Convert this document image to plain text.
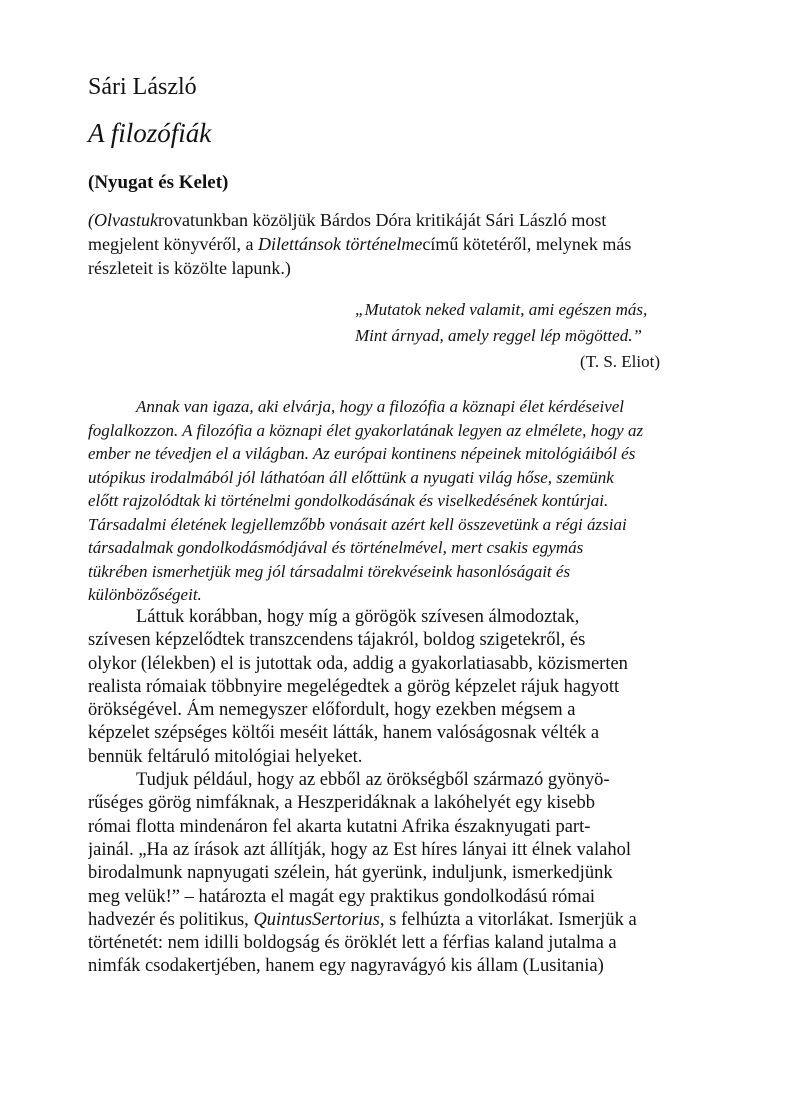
Sári László
A filozófiák
(Nyugat és Kelet)
(Olvastukrovatunkban közöljük Bárdos Dóra kritikáját Sári László most
megjelent könyvéről, a Dilettánsok történelmecímű kötetéről, melynek más
részleteit is közölte lapunk.)
„Mutatok neked valamit, ami egészen más,
Mint árnyad, amely reggel lép mögötted.”
(T. S. Eliot)
Annak van igaza, aki elvárja, hogy a filozófia a köznapi élet kérdéseivel
foglalkozzon. A filozófia a köznapi élet gyakorlatának legyen az elmélete, hogy az
ember ne tévedjen el a világban. Az európai kontinens népeinek mitológiáiból és
utópikus irodalmából jól láthatóan áll előttünk a nyugati világ hőse, szemünk
előtt rajzolódtak ki történelmi gondolkodásának és viselkedésének kontúrjai.
Társadalmi életének legjellemzőbb vonásait azért kell összevetünk a régi ázsiai
társadalmak gondolkodásmódjával és történelmével, mert csakis egymás
tükrében ismerhetjük meg jól társadalmi törekvéseink hasonlóságait és
különbözőségeit.
Láttuk korábban, hogy míg a görögök szívesen álmodoztak,
szívesen képzelődtek transzcendens tájakról, boldog szigetekről, és
olykor (lélekben) el is jutottak oda, addig a gyakorlatiasabb, közismerten
realista rómaiak többnyire megelégedtek a görög képzelet rájuk hagyott
örökségével. Ám nemegyszer előfordult, hogy ezekben mégsem a
képzelet szépséges költői meséit látták, hanem valóságosnak vélték a
bennük feltáruló mitológiai helyeket.
Tudjuk például, hogy az ebből az örökségből származó gyönyö-
rűséges görög nimfáknak, a Heszperidáknak a lakóhelyét egy kisebb
római flotta mindenáron fel akarta kutatni Afrika északnyugati part-
jainál. „Ha az írások azt állítják, hogy az Est híres lányai itt élnek valahol
birodalmunk napnyugati szélein, hát gyerünk, induljunk, ismerkedjünk
meg velük!” – határozta el magát egy praktikus gondolkodású római
hadvezér és politikus, QuintusSertorius, s felhúzta a vitorlákat. Ismerjük a
történetét: nem idilli boldogság és öröklét lett a férfias kaland jutalma a
nimfák csodakertjében, hanem egy nagyravágyó kis állam (Lusitania)
